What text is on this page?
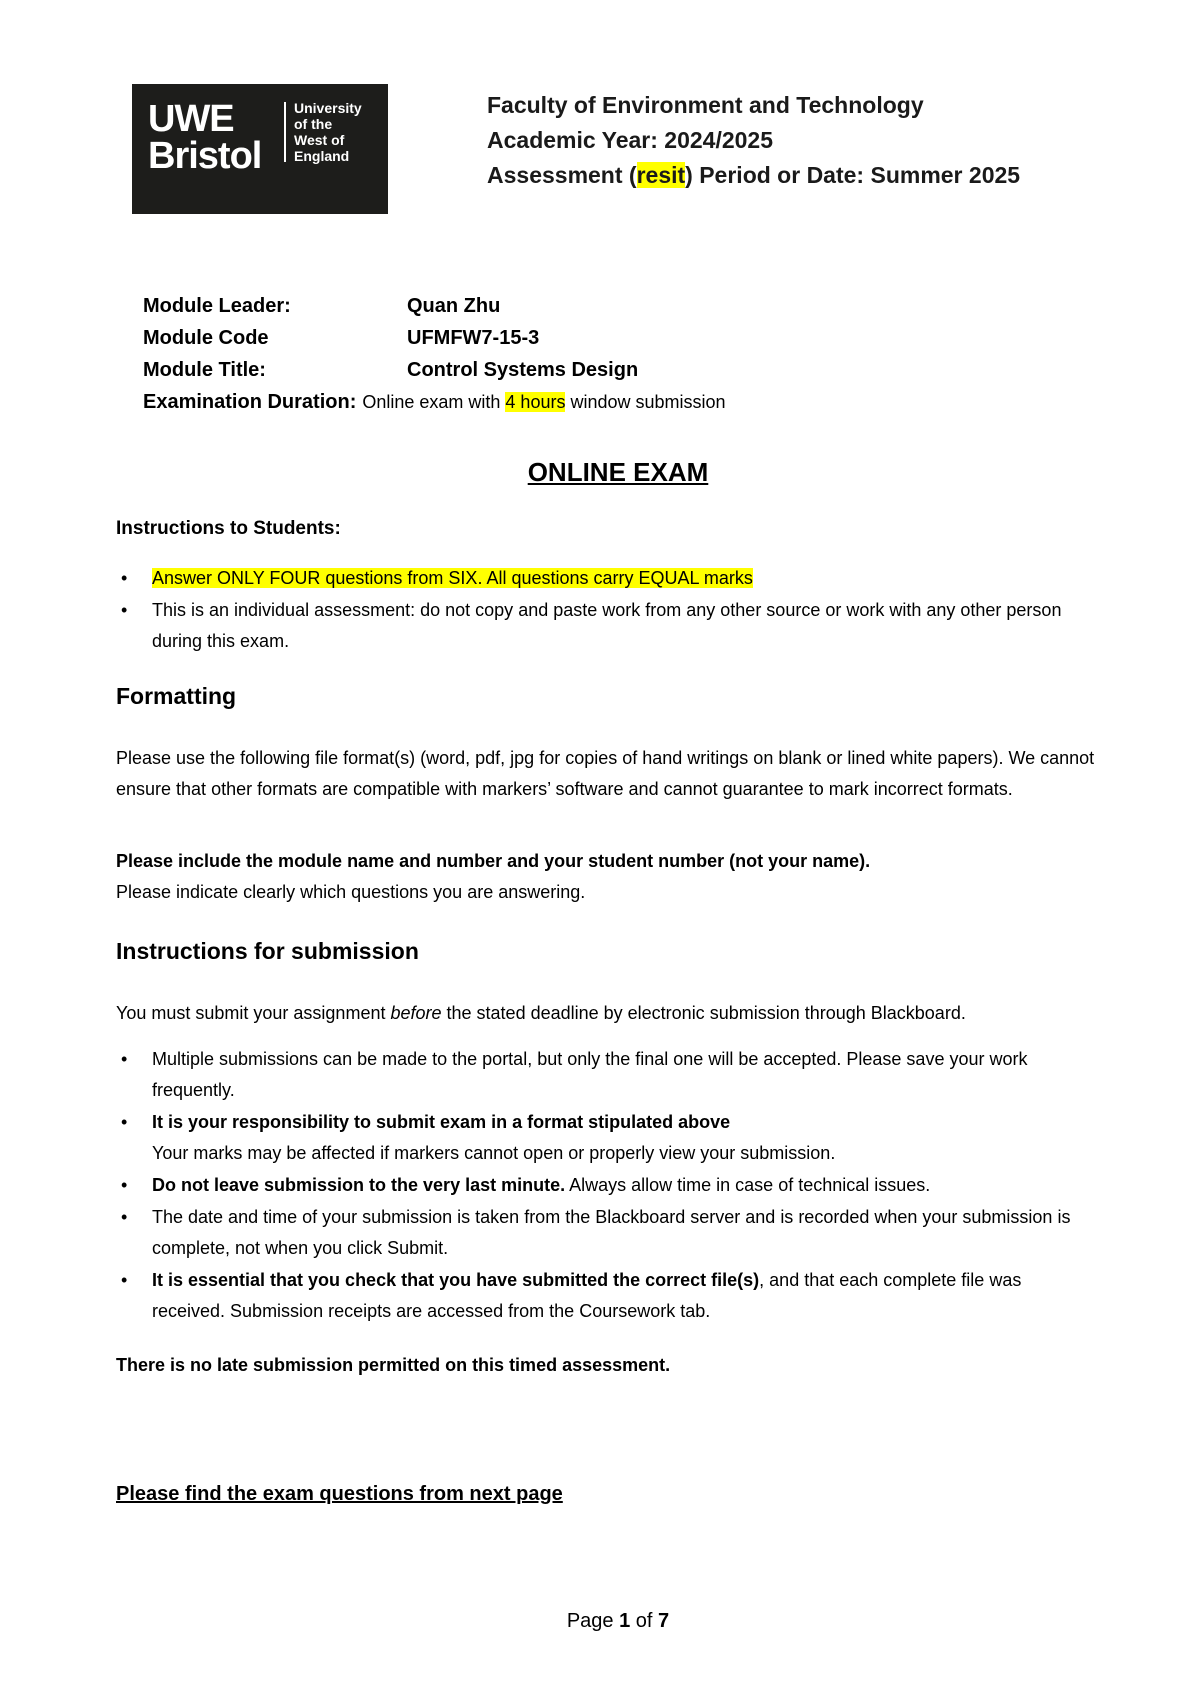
UWE
Bristol
University
of the
West of
England
Faculty of Environment and Technology
Academic Year: 2024/2025
Assessment (resit) Period or Date: Summer 2025
Module Leader:	Quan Zhu
Module Code	UFMFW7-15-3
Module Title:	Control Systems Design
Examination Duration: Online exam with 4 hours window submission
ONLINE EXAM
Instructions to Students:
• Answer ONLY FOUR questions from SIX. All questions carry EQUAL marks
• This is an individual assessment: do not copy and paste work from any other source or work with any other person during this exam.
Formatting
Please use the following file format(s) (word, pdf, jpg for copies of hand writings on blank or lined white papers). We cannot ensure that other formats are compatible with markers’ software and cannot guarantee to mark incorrect formats.
Please include the module name and number and your student number (not your name).
Please indicate clearly which questions you are answering.
Instructions for submission
You must submit your assignment before the stated deadline by electronic submission through Blackboard.
• Multiple submissions can be made to the portal, but only the final one will be accepted. Please save your work frequently.
• It is your responsibility to submit exam in a format stipulated above
Your marks may be affected if markers cannot open or properly view your submission.
• Do not leave submission to the very last minute. Always allow time in case of technical issues.
• The date and time of your submission is taken from the Blackboard server and is recorded when your submission is complete, not when you click Submit.
• It is essential that you check that you have submitted the correct file(s), and that each complete file was received. Submission receipts are accessed from the Coursework tab.
There is no late submission permitted on this timed assessment.
Please find the exam questions from next page
Page 1 of 7
